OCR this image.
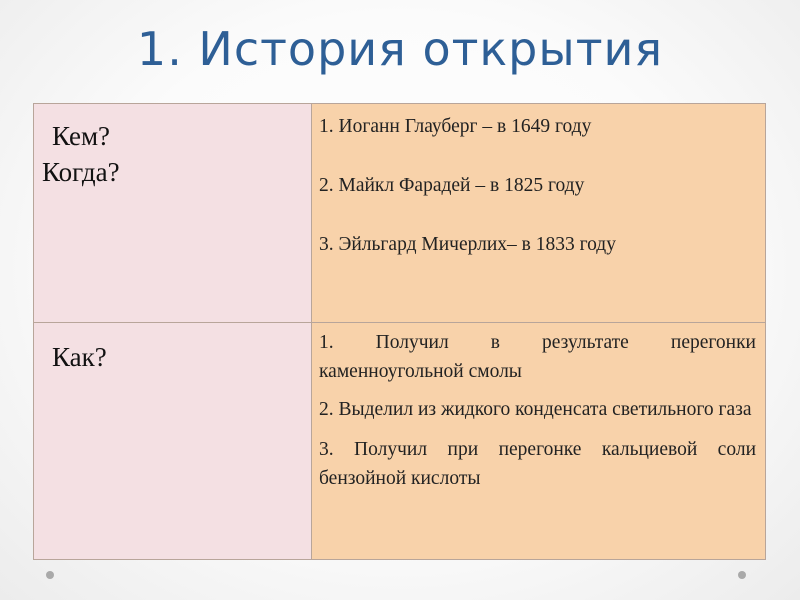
1. История открытия
Кем?
Когда?	1. Иоганн Глауберг – в 1649 году
2. Майкл Фарадей – в 1825 году
3. Эйльгард Мичерлих– в 1833 году

Как?	1. Получил в результате перегонки каменноугольной смолы
2. Выделил из жидкого конденсата светильного газа
3. Получил при перегонке кальциевой соли бензойной кислоты
